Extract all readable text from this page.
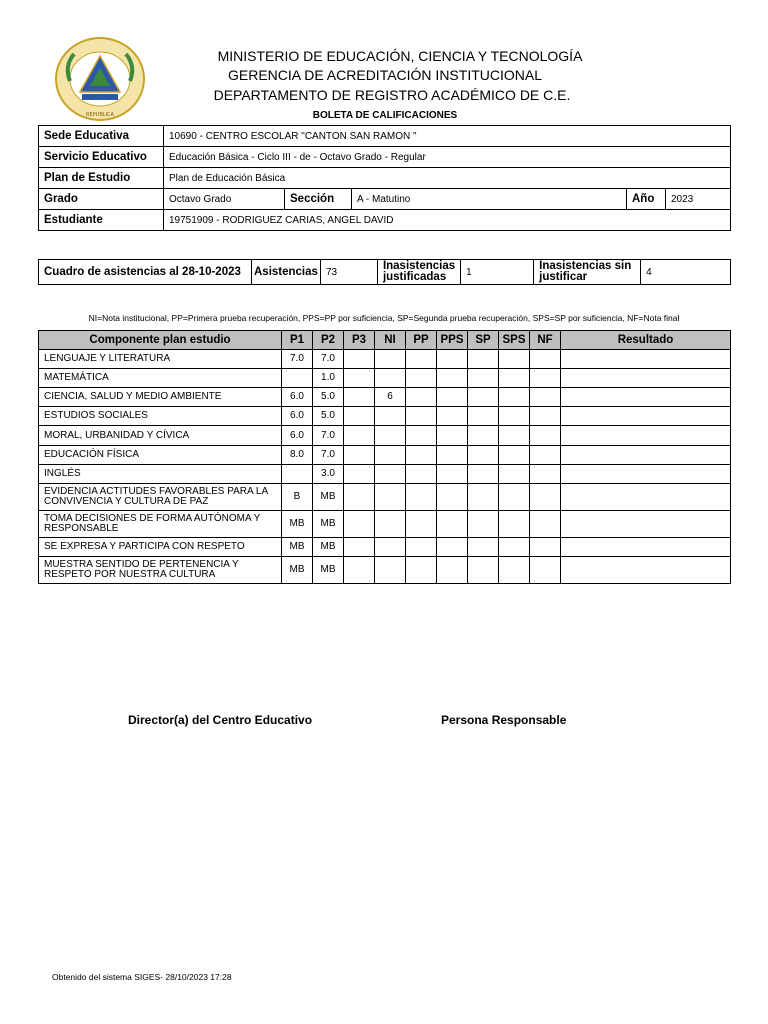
REPUBLICA
MINISTERIO DE EDUCACIÓN, CIENCIA Y TECNOLOGÍA
GERENCIA DE ACREDITACIÓN INSTITUCIONAL
DEPARTAMENTO DE REGISTRO ACADÉMICO DE C.E.
BOLETA DE CALIFICACIONES
Sede Educativa	10690 - CENTRO ESCOLAR "CANTON SAN RAMON "				
Servicio Educativo	Educación Básica - Ciclo III - de - Octavo Grado - Regular				
Plan de Estudio	Plan de Educación Básica				
Grado	Octavo Grado	Sección	A - Matutino	Año	2023
Estudiante	19751909 - RODRIGUEZ CARIAS, ANGEL DAVID				
Cuadro de asistencias al 28-10-2023	Asistencias	73	Inasistencias justificadas	1	Inasistencias sin justificar	4
NI=Nota institucional, PP=Primera prueba recuperación, PPS=PP por suficiencia, SP=Segunda prueba recuperación, SPS=SP por suficiencia, NF=Nota final
Componente plan estudio	P1	P2	P3	NI	PP	PPS	SP	SPS	NF	Resultado
LENGUAJE Y LITERATURA	7.0	7.0								
MATEMÁTICA		1.0								
CIENCIA, SALUD Y MEDIO AMBIENTE	6.0	5.0		6						
ESTUDIOS SOCIALES	6.0	5.0								
MORAL, URBANIDAD Y CÍVICA	6.0	7.0								
EDUCACIÓN FÍSICA	8.0	7.0								
INGLÉS		3.0								
EVIDENCIA ACTITUDES FAVORABLES PARA LA CONVIVENCIA Y CULTURA DE PAZ	B	MB								
TOMA DECISIONES DE FORMA AUTÓNOMA Y RESPONSABLE	MB	MB								
SE EXPRESA Y PARTICIPA CON RESPETO	MB	MB								
MUESTRA SENTIDO DE PERTENENCIA Y RESPETO POR NUESTRA CULTURA	MB	MB								
Director(a) del Centro Educativo	Persona Responsable
Obtenido del sistema SIGES- 28/10/2023 17:28
